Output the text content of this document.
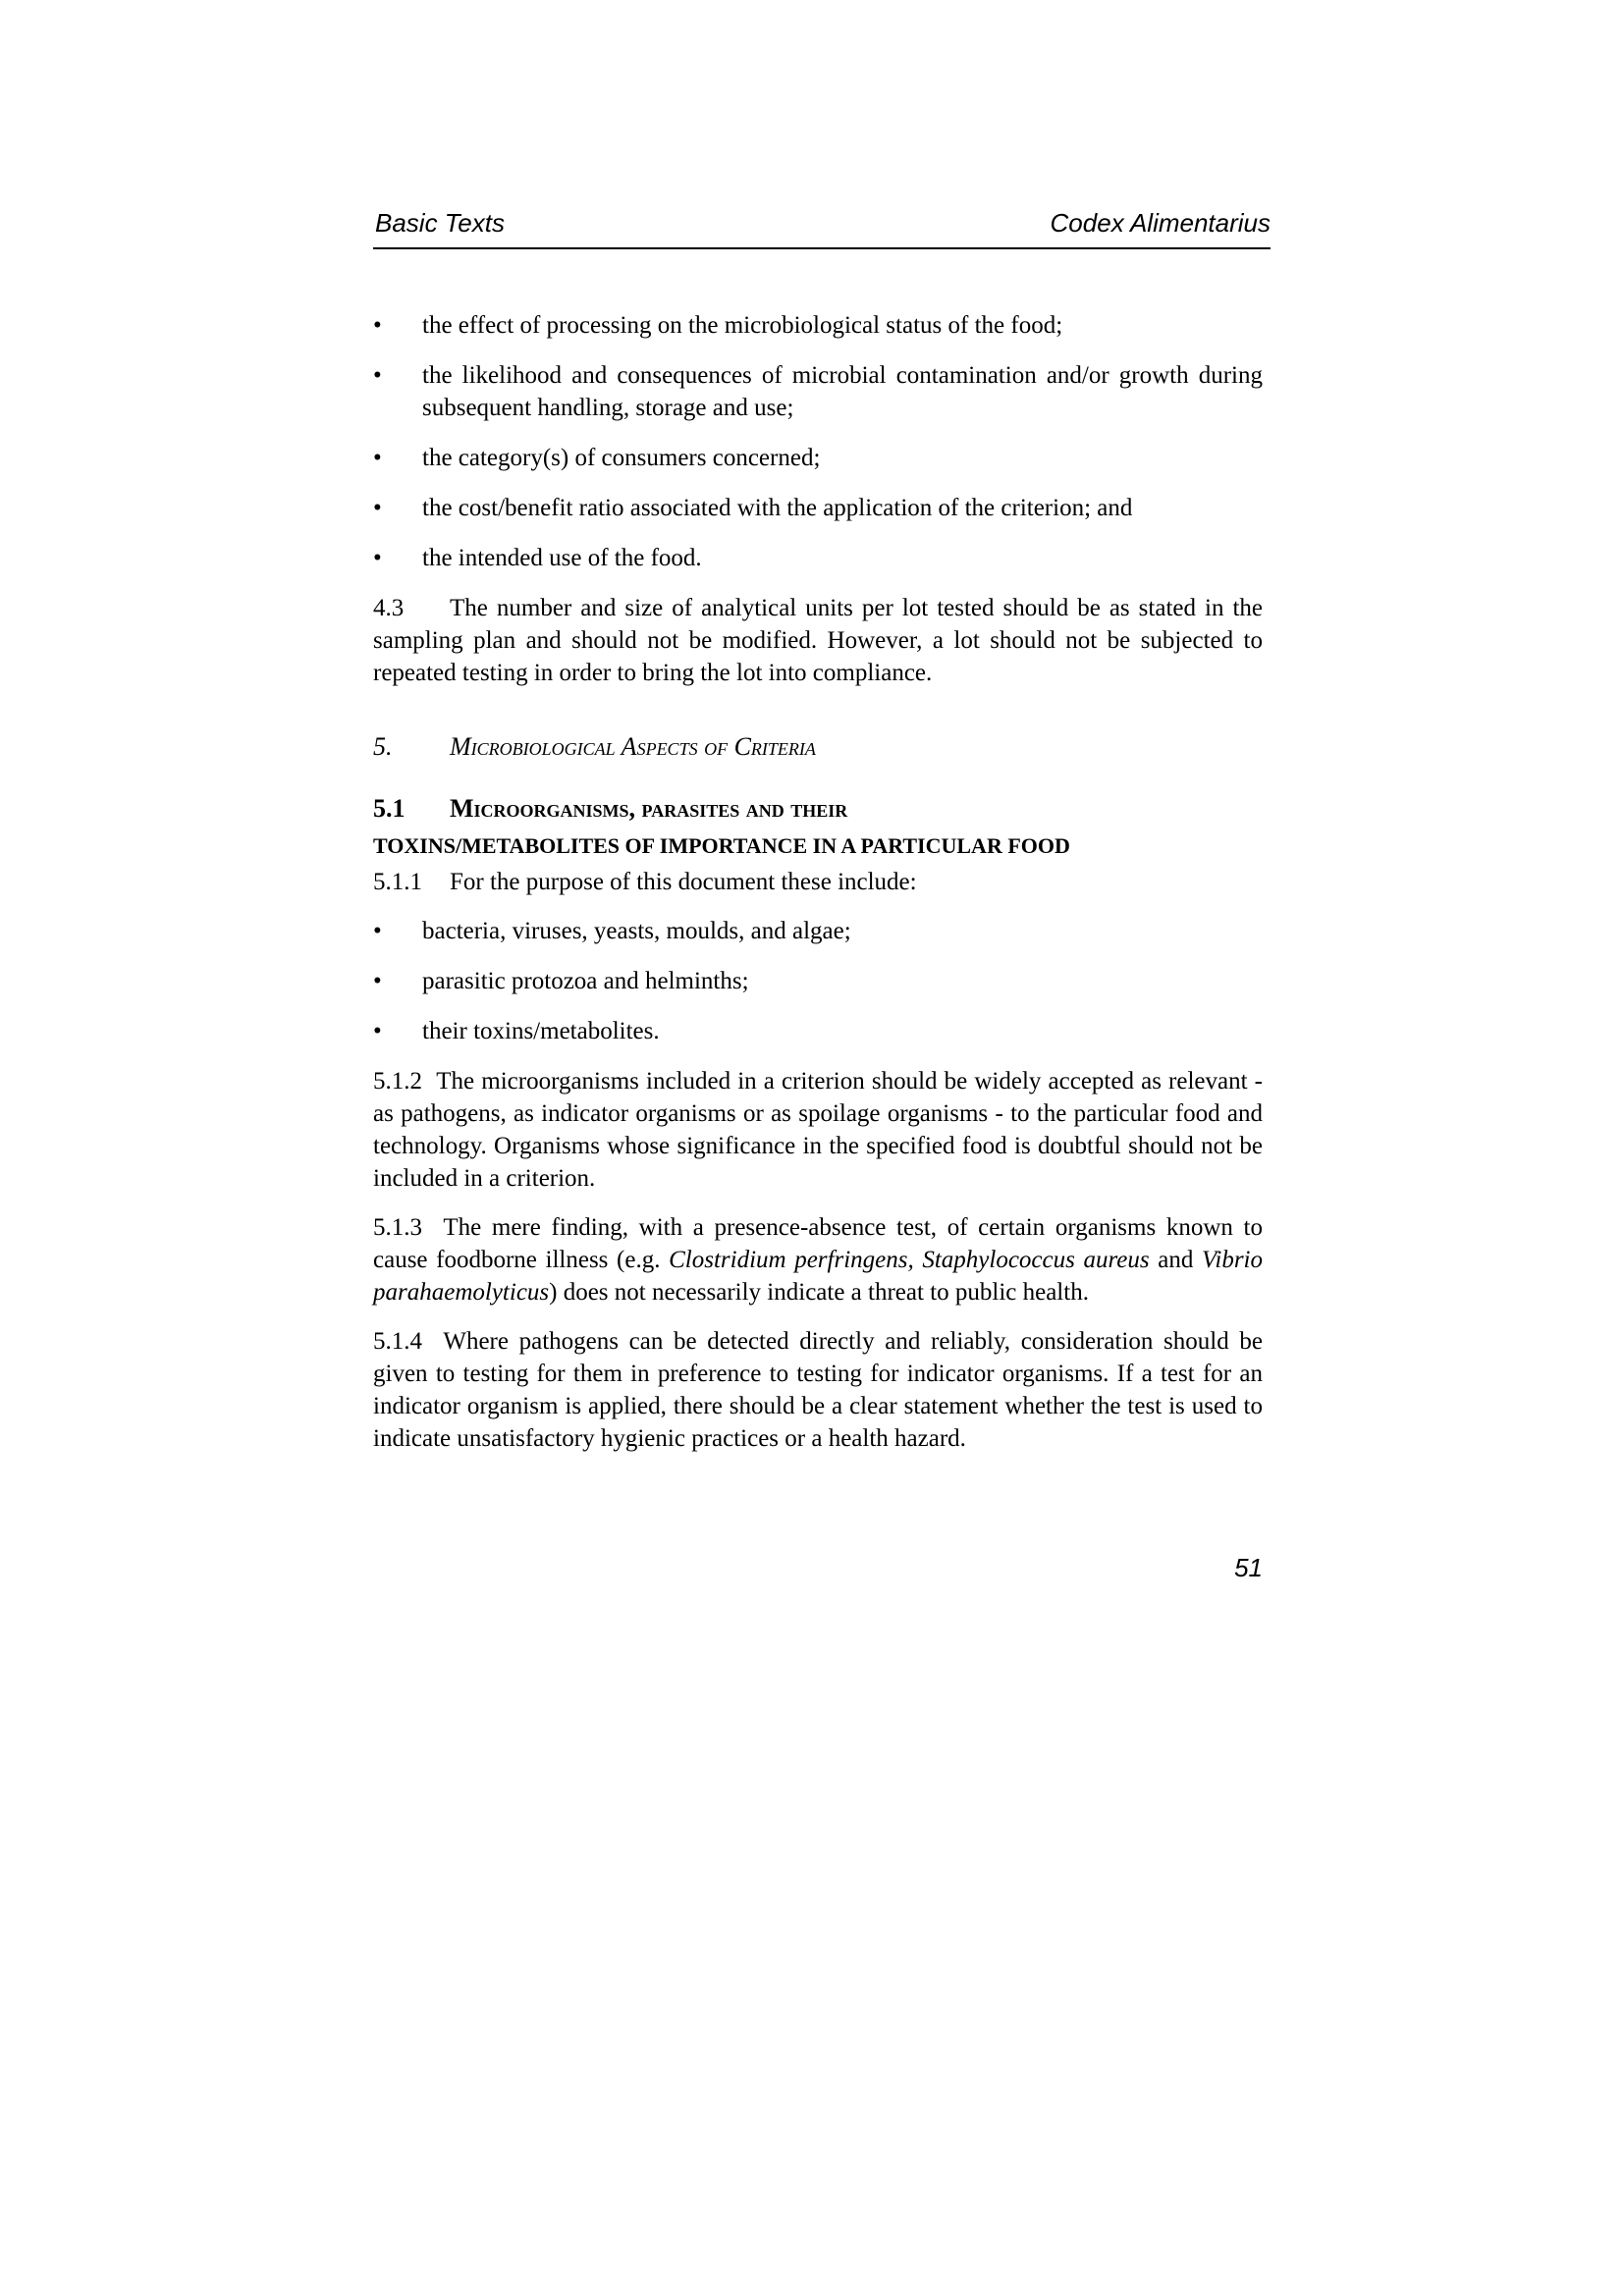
Basic Texts	Codex Alimentarius
•	the effect of processing on the microbiological status of the food;
•	the likelihood and consequences of microbial contamination and/or growth during subsequent handling, storage and use;
•	the category(s) of consumers concerned;
•	the cost/benefit ratio associated with the application of the criterion; and
•	the intended use of the food.

4.3 The number and size of analytical units per lot tested should be as stated in the sampling plan and should not be modified. However, a lot should not be subjected to repeated testing in order to bring the lot into compliance.

5. Microbiological Aspects of Criteria
5.1 Microorganisms, parasites and their
TOXINS/METABOLITES OF IMPORTANCE IN A PARTICULAR FOOD

5.1.1 For the purpose of this document these include:

•	bacteria, viruses, yeasts, moulds, and algae;
•	parasitic protozoa and helminths;
•	their toxins/metabolites.

5.1.2 The microorganisms included in a criterion should be widely accepted as relevant - as pathogens, as indicator organisms or as spoilage organisms - to the particular food and technology. Organisms whose significance in the specified food is doubtful should not be included in a criterion.

5.1.3 The mere finding, with a presence-absence test, of certain organisms known to cause foodborne illness (e.g. Clostridium perfringens, Staphylococcus aureus and Vibrio parahaemolyticus) does not necessarily indicate a threat to public health.

5.1.4 Where pathogens can be detected directly and reliably, consideration should be given to testing for them in preference to testing for indicator organisms. If a test for an indicator organism is applied, there should be a clear statement whether the test is used to indicate unsatisfactory hygienic practices or a health hazard.

51
